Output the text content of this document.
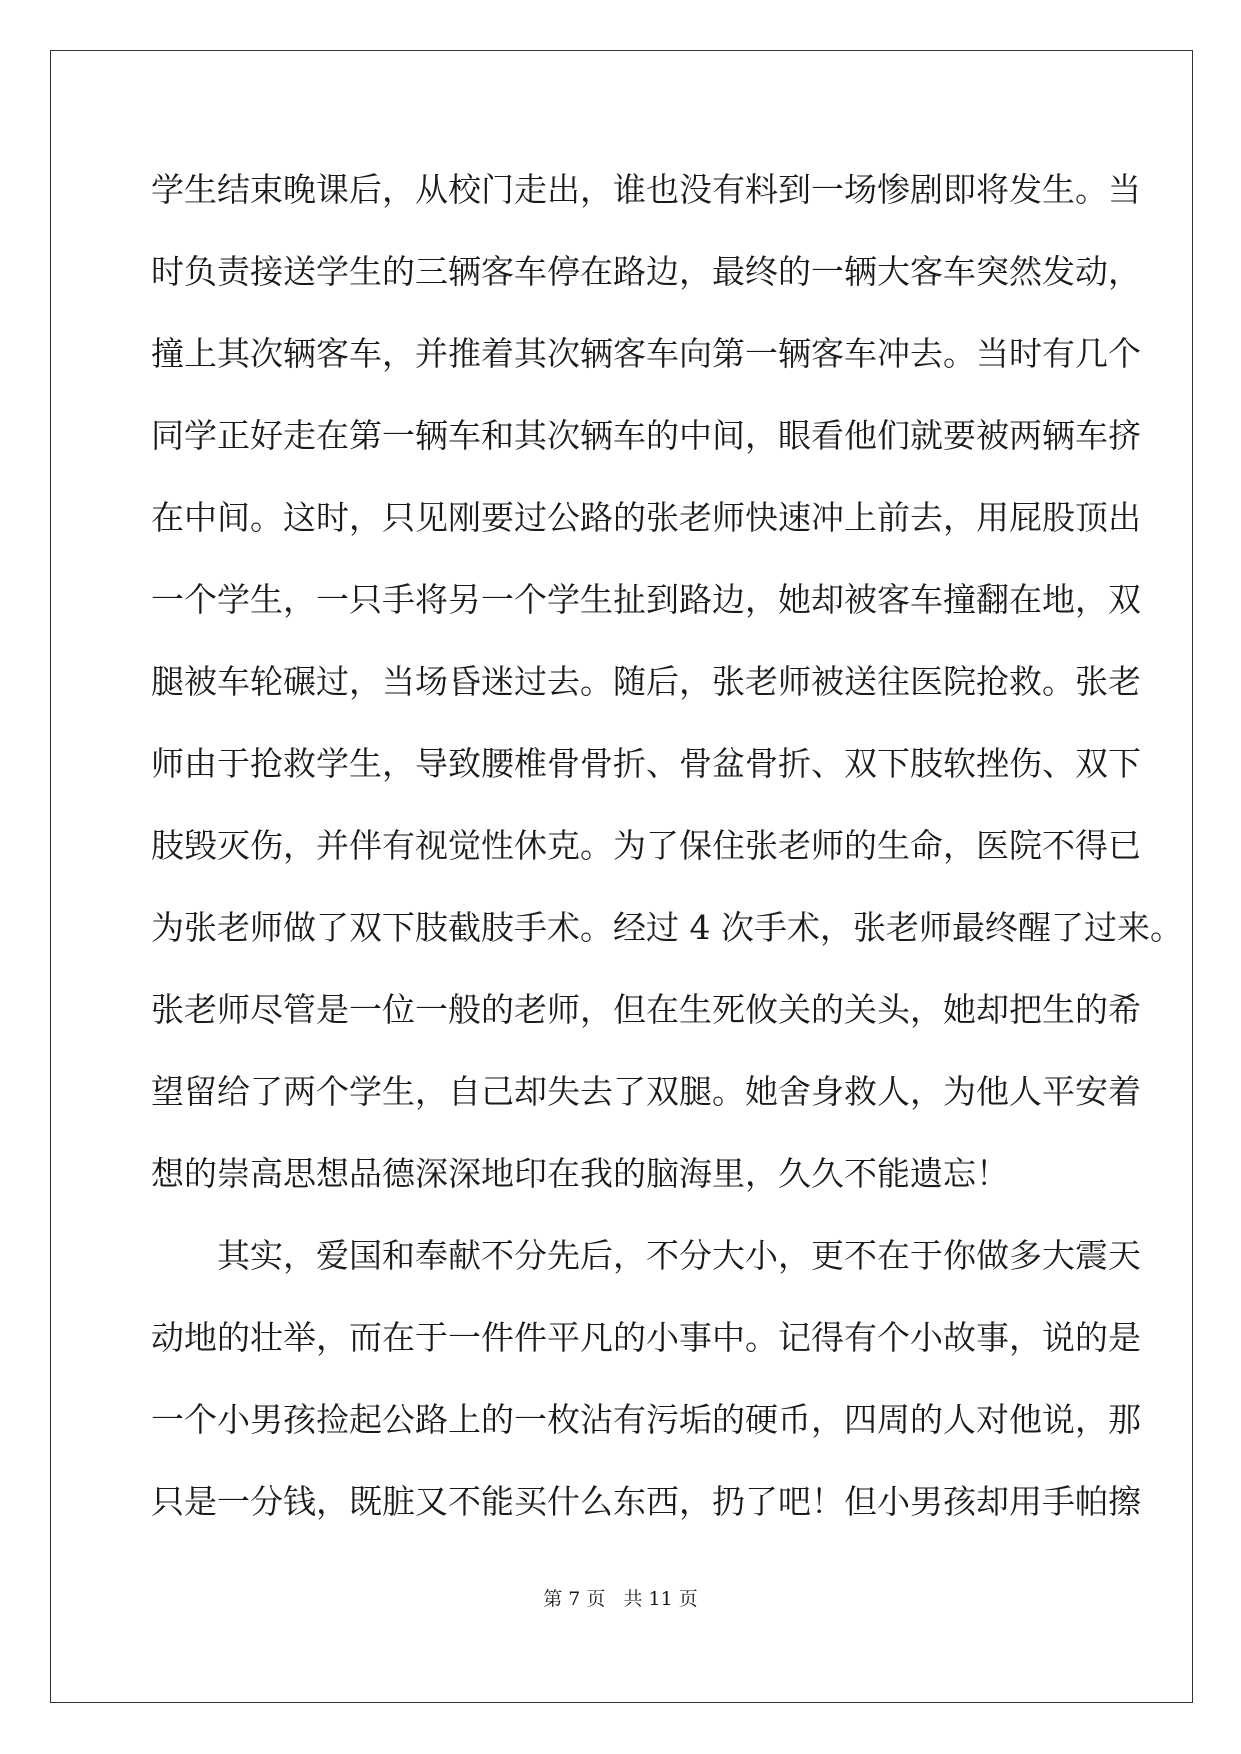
学生结束晚课后，从校门走出，谁也没有料到一场惨剧即将发生。当
时负责接送学生的三辆客车停在路边，最终的一辆大客车突然发动，
撞上其次辆客车，并推着其次辆客车向第一辆客车冲去。当时有几个
同学正好走在第一辆车和其次辆车的中间，眼看他们就要被两辆车挤
在中间。这时，只见刚要过公路的张老师快速冲上前去，用屁股顶出
一个学生，一只手将另一个学生扯到路边，她却被客车撞翻在地，双
腿被车轮碾过，当场昏迷过去。随后，张老师被送往医院抢救。张老
师由于抢救学生，导致腰椎骨骨折、骨盆骨折、双下肢软挫伤、双下
肢毁灭伤，并伴有视觉性休克。为了保住张老师的生命，医院不得已
为张老师做了双下肢截肢手术。经过 4 次手术，张老师最终醒了过来。
张老师尽管是一位一般的老师，但在生死攸关的关头，她却把生的希
望留给了两个学生，自己却失去了双腿。她舍身救人，为他人平安着
想的崇高思想品德深深地印在我的脑海里，久久不能遗忘！
其实，爱国和奉献不分先后，不分大小，更不在于你做多大震天
动地的壮举，而在于一件件平凡的小事中。记得有个小故事，说的是
一个小男孩捡起公路上的一枚沾有污垢的硬币，四周的人对他说，那
只是一分钱，既脏又不能买什么东西，扔了吧！但小男孩却用手帕擦
第 7 页 共 11 页
